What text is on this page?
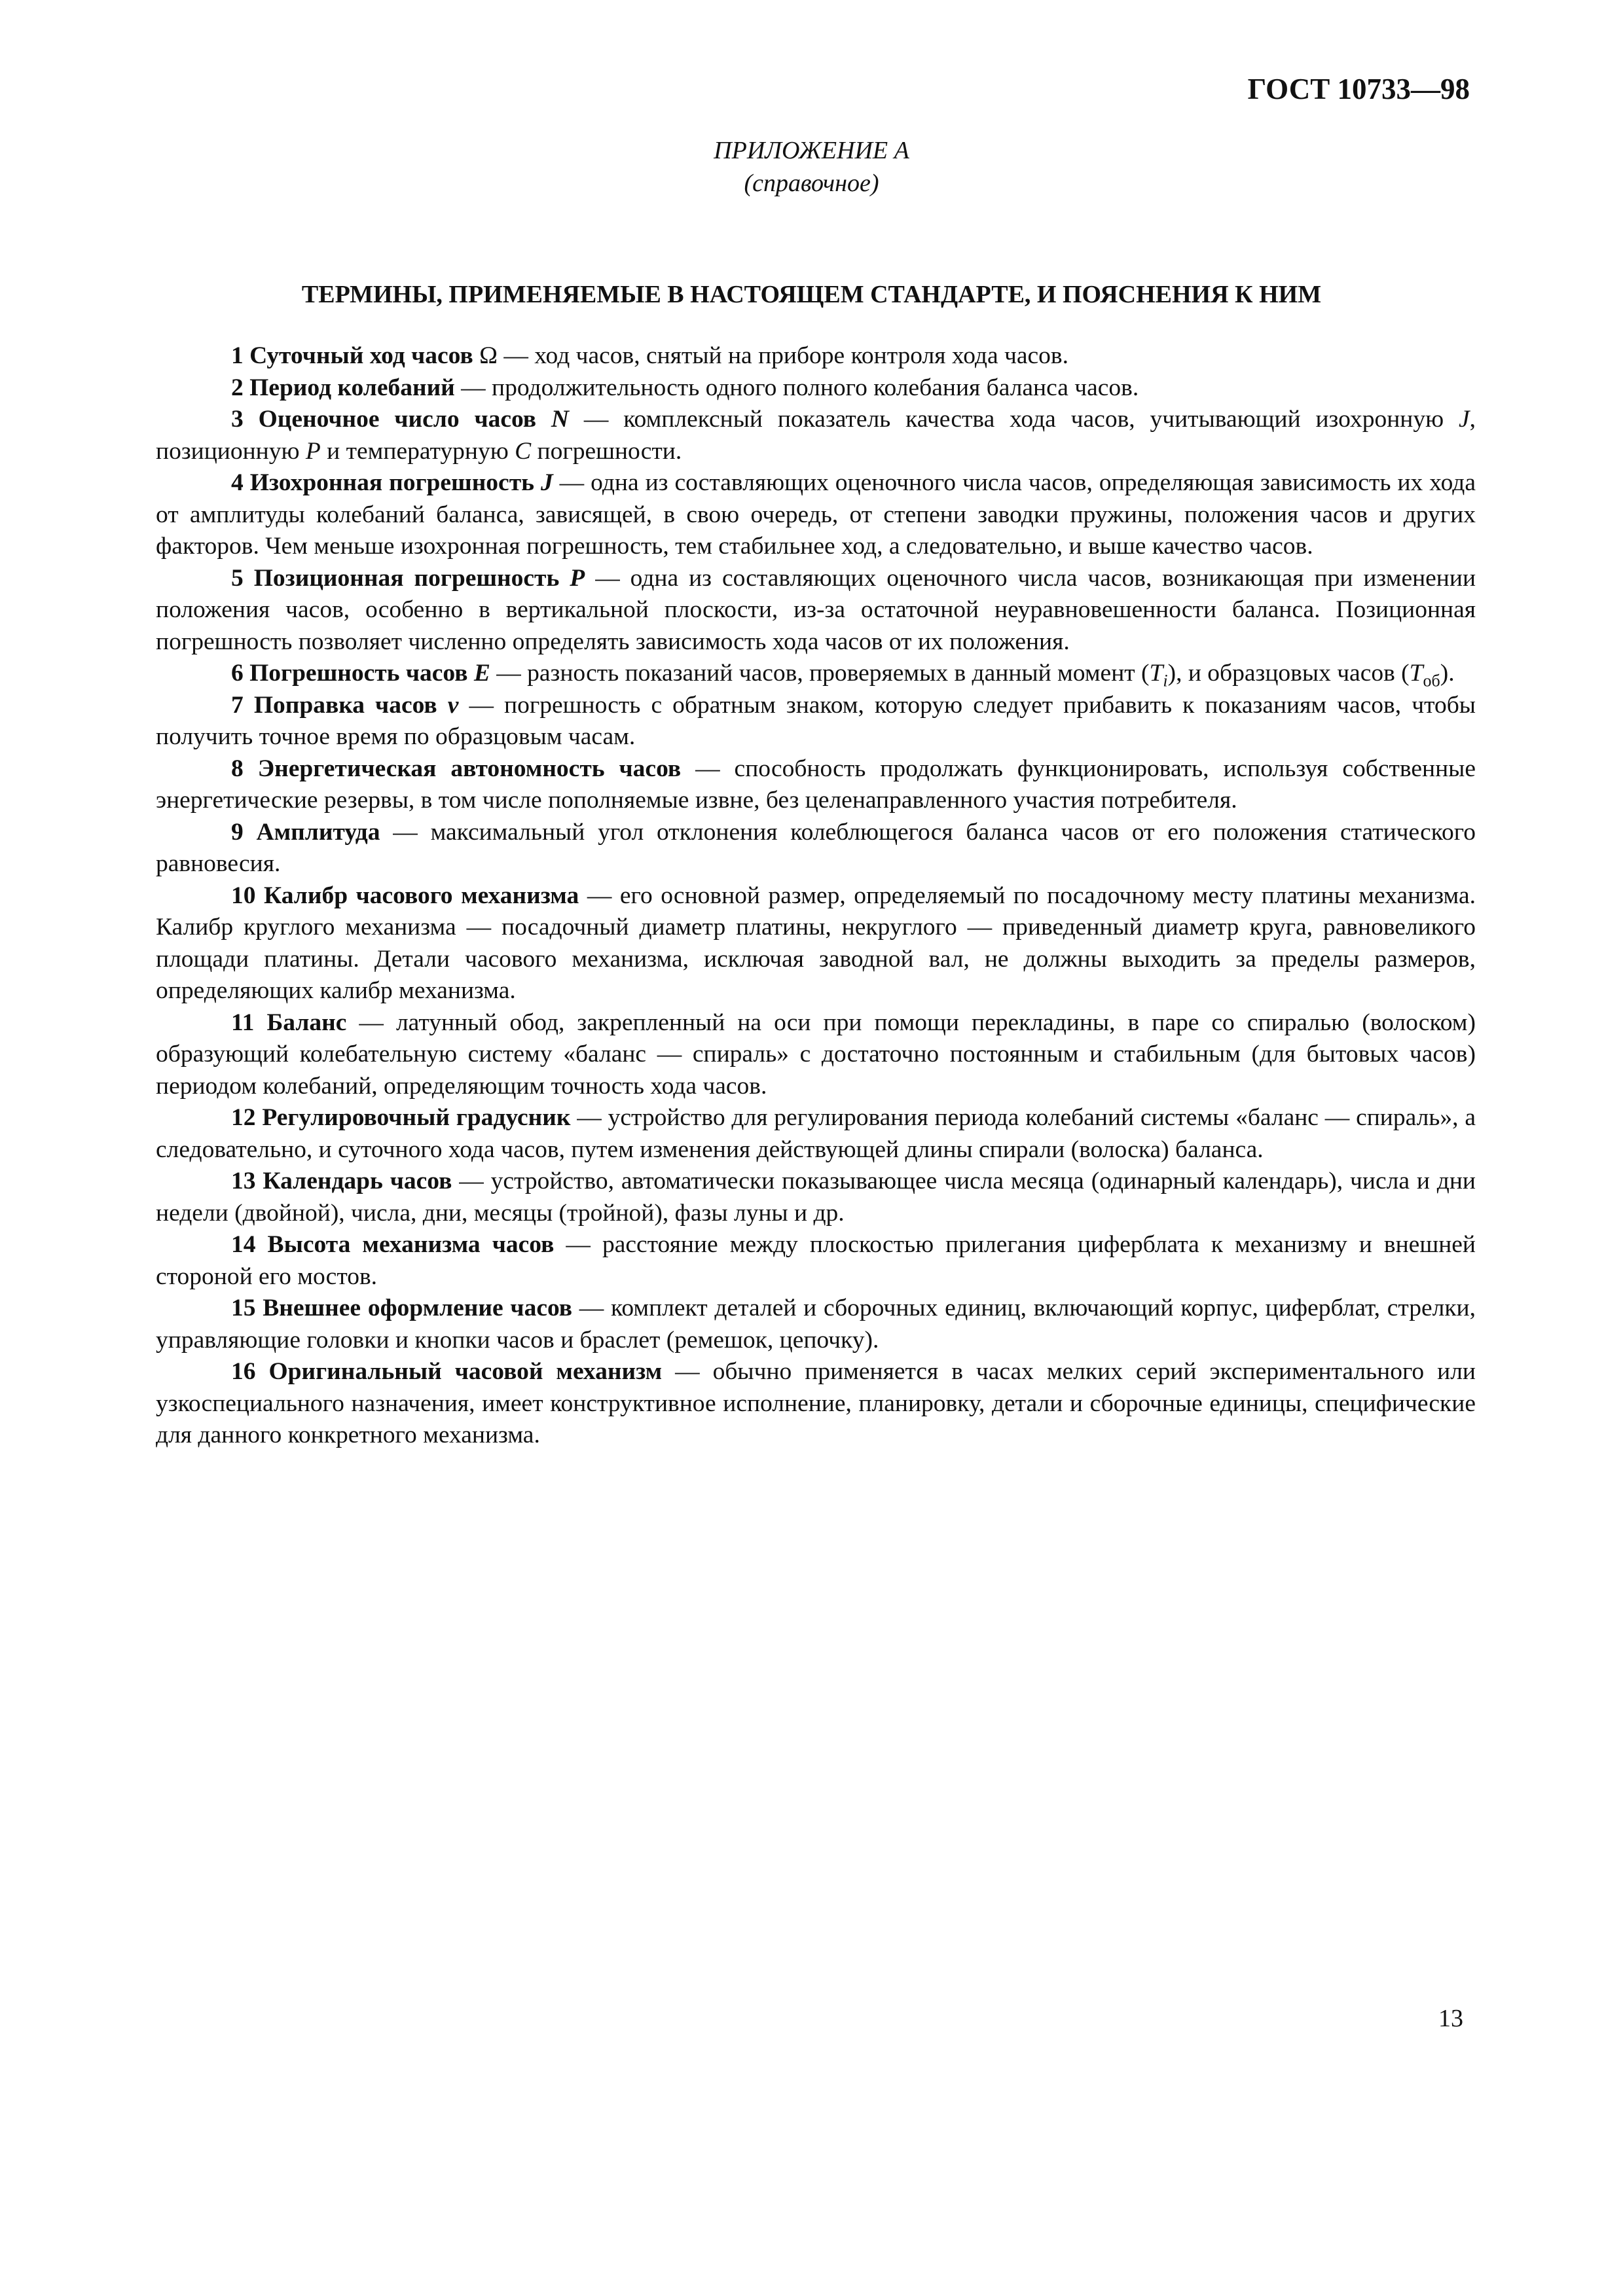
ГОСТ 10733—98
ПРИЛОЖЕНИЕ А
(справочное)
ТЕРМИНЫ, ПРИМЕНЯЕМЫЕ В НАСТОЯЩЕМ СТАНДАРТЕ, И ПОЯСНЕНИЯ К НИМ

1 Суточный ход часов Ω — ход часов, снятый на приборе контроля хода часов.

2 Период колебаний — продолжительность одного полного колебания баланса часов.

3 Оценочное число часов N — комплексный показатель качества хода часов, учитывающий изохронную J, позиционную P и температурную C погрешности.

4 Изохронная погрешность J — одна из составляющих оценочного числа часов, определяющая зависимость их хода от амплитуды колебаний баланса, зависящей, в свою очередь, от степени заводки пружины, положения часов и других факторов. Чем меньше изохронная погрешность, тем стабильнее ход, а следовательно, и выше качество часов.

5 Позиционная погрешность P — одна из составляющих оценочного числа часов, возникающая при изменении положения часов, особенно в вертикальной плоскости, из-за остаточной неуравновешенности баланса. Позиционная погрешность позволяет численно определять зависимость хода часов от их положения.

6 Погрешность часов E — разность показаний часов, проверяемых в данный момент $(T_i)$, и образцовых часов $(T_{об})$.

7 Поправка часов ν — погрешность с обратным знаком, которую следует прибавить к показаниям часов, чтобы получить точное время по образцовым часам.

8 Энергетическая автономность часов — способность продолжать функционировать, используя собственные энергетические резервы, в том числе пополняемые извне, без целенаправленного участия потребителя.

9 Амплитуда — максимальный угол отклонения колеблющегося баланса часов от его положения статического равновесия.

10 Калибр часового механизма — его основной размер, определяемый по посадочному месту платины механизма. Калибр круглого механизма — посадочный диаметр платины, некруглого — приведенный диаметр круга, равновеликого площади платины. Детали часового механизма, исключая заводной вал, не должны выходить за пределы размеров, определяющих калибр механизма.

11 Баланс — латунный обод, закрепленный на оси при помощи перекладины, в паре со спиралью (волоском) образующий колебательную систему «баланс — спираль» с достаточно постоянным и стабильным (для бытовых часов) периодом колебаний, определяющим точность хода часов.

12 Регулировочный градусник — устройство для регулирования периода колебаний системы «баланс — спираль», а следовательно, и суточного хода часов, путем изменения действующей длины спирали (волоска) баланса.

13 Календарь часов — устройство, автоматически показывающее числа месяца (одинарный календарь), числа и дни недели (двойной), числа, дни, месяцы (тройной), фазы луны и др.

14 Высота механизма часов — расстояние между плоскостью прилегания циферблата к механизму и внешней стороной его мостов.

15 Внешнее оформление часов — комплект деталей и сборочных единиц, включающий корпус, циферблат, стрелки, управляющие головки и кнопки часов и браслет (ремешок, цепочку).

16 Оригинальный часовой механизм — обычно применяется в часах мелких серий экспериментального или узкоспециального назначения, имеет конструктивное исполнение, планировку, детали и сборочные единицы, специфические для данного конкретного механизма.

13
